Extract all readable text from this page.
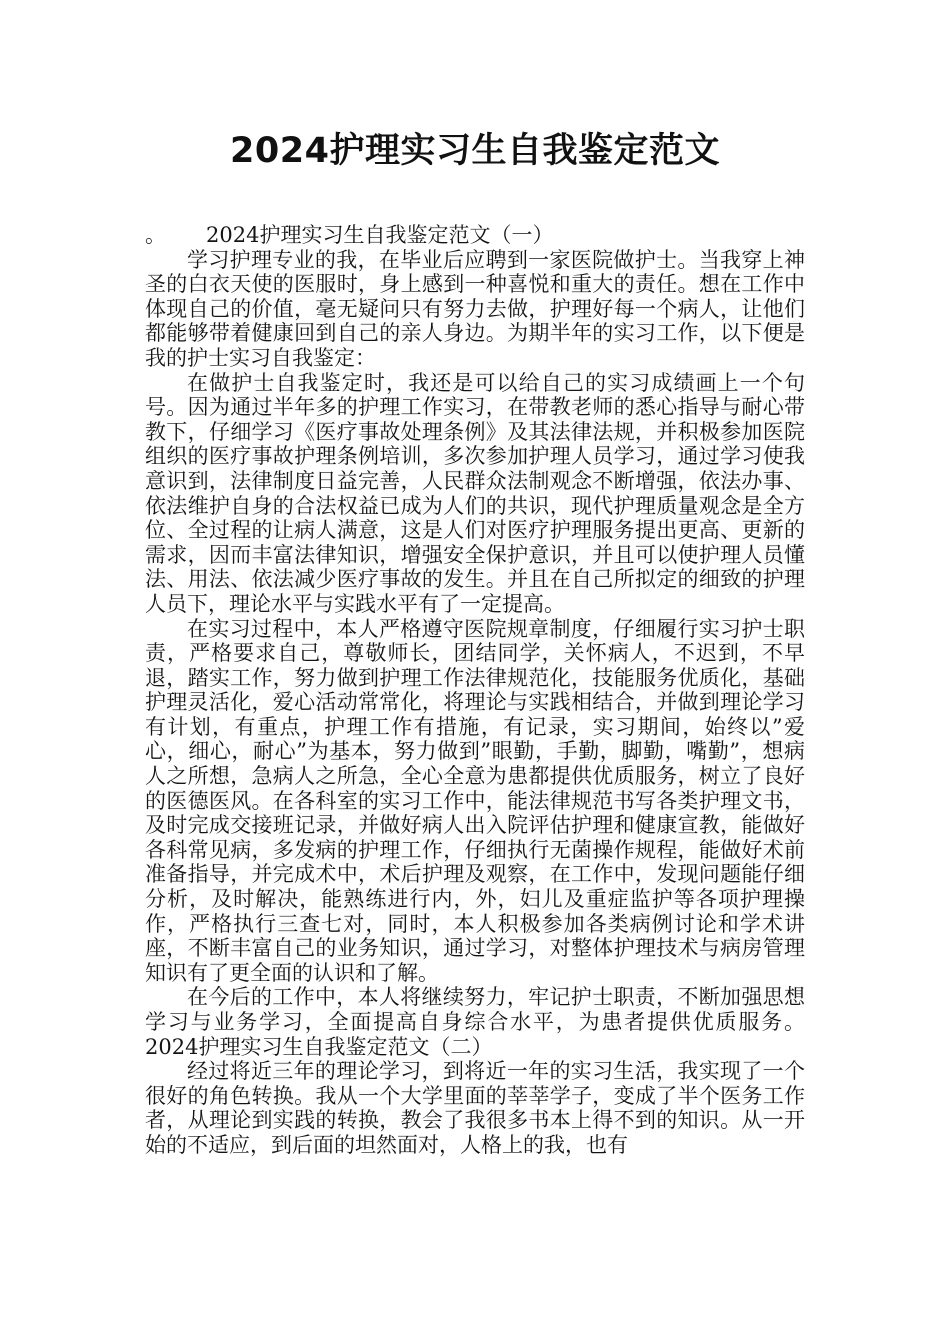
2024护理实习生自我鉴定范文

。      2024护理实习生自我鉴定范文（一）

学习护理专业的我，在毕业后应聘到一家医院做护士。当我穿上神圣的白衣天使的医服时，身上感到一种喜悦和重大的责任。想在工作中体现自己的价值，毫无疑问只有努力去做，护理好每一个病人，让他们都能够带着健康回到自己的亲人身边。为期半年的实习工作，以下便是我的护士实习自我鉴定：

在做护士自我鉴定时，我还是可以给自己的实习成绩画上一个句号。因为通过半年多的护理工作实习，在带教老师的悉心指导与耐心带教下，仔细学习《医疗事故处理条例》及其法律法规，并积极参加医院组织的医疗事故护理条例培训，多次参加护理人员学习，通过学习使我意识到，法律制度日益完善，人民群众法制观念不断增强，依法办事、依法维护自身的合法权益已成为人们的共识，现代护理质量观念是全方位、全过程的让病人满意，这是人们对医疗护理服务提出更高、更新的需求，因而丰富法律知识，增强安全保护意识，并且可以使护理人员懂法、用法、依法减少医疗事故的发生。并且在自己所拟定的细致的护理人员下，理论水平与实践水平有了一定提高。

在实习过程中，本人严格遵守医院规章制度，仔细履行实习护士职责，严格要求自己，尊敬师长，团结同学，关怀病人，不迟到，不早退，踏实工作，努力做到护理工作法律规范化，技能服务优质化，基础护理灵活化，爱心活动常常化，将理论与实践相结合，并做到理论学习有计划，有重点，护理工作有措施，有记录，实习期间，始终以”爱心，细心，耐心”为基本，努力做到”眼勤，手勤，脚勤，嘴勤”，想病人之所想，急病人之所急，全心全意为患都提供优质服务，树立了良好的医德医风。在各科室的实习工作中，能法律规范书写各类护理文书，及时完成交接班记录，并做好病人出入院评估护理和健康宣教，能做好各科常见病，多发病的护理工作，仔细执行无菌操作规程，能做好术前准备指导，并完成术中，术后护理及观察，在工作中，发现问题能仔细分析，及时解决，能熟练进行内，外，妇儿及重症监护等各项护理操作，严格执行三查七对，同时，本人积极参加各类病例讨论和学术讲座，不断丰富自己的业务知识，通过学习，对整体护理技术与病房管理知识有了更全面的认识和了解。

在今后的工作中，本人将继续努力，牢记护士职责，不断加强思想学习与业务学习，全面提高自身综合水平，为患者提供优质服务。 2024护理实习生自我鉴定范文（二）

经过将近三年的理论学习，到将近一年的实习生活，我实现了一个很好的角色转换。我从一个大学里面的莘莘学子，变成了半个医务工作者，从理论到实践的转换，教会了我很多书本上得不到的知识。从一开始的不适应，到后面的坦然面对，人格上的我，也有
